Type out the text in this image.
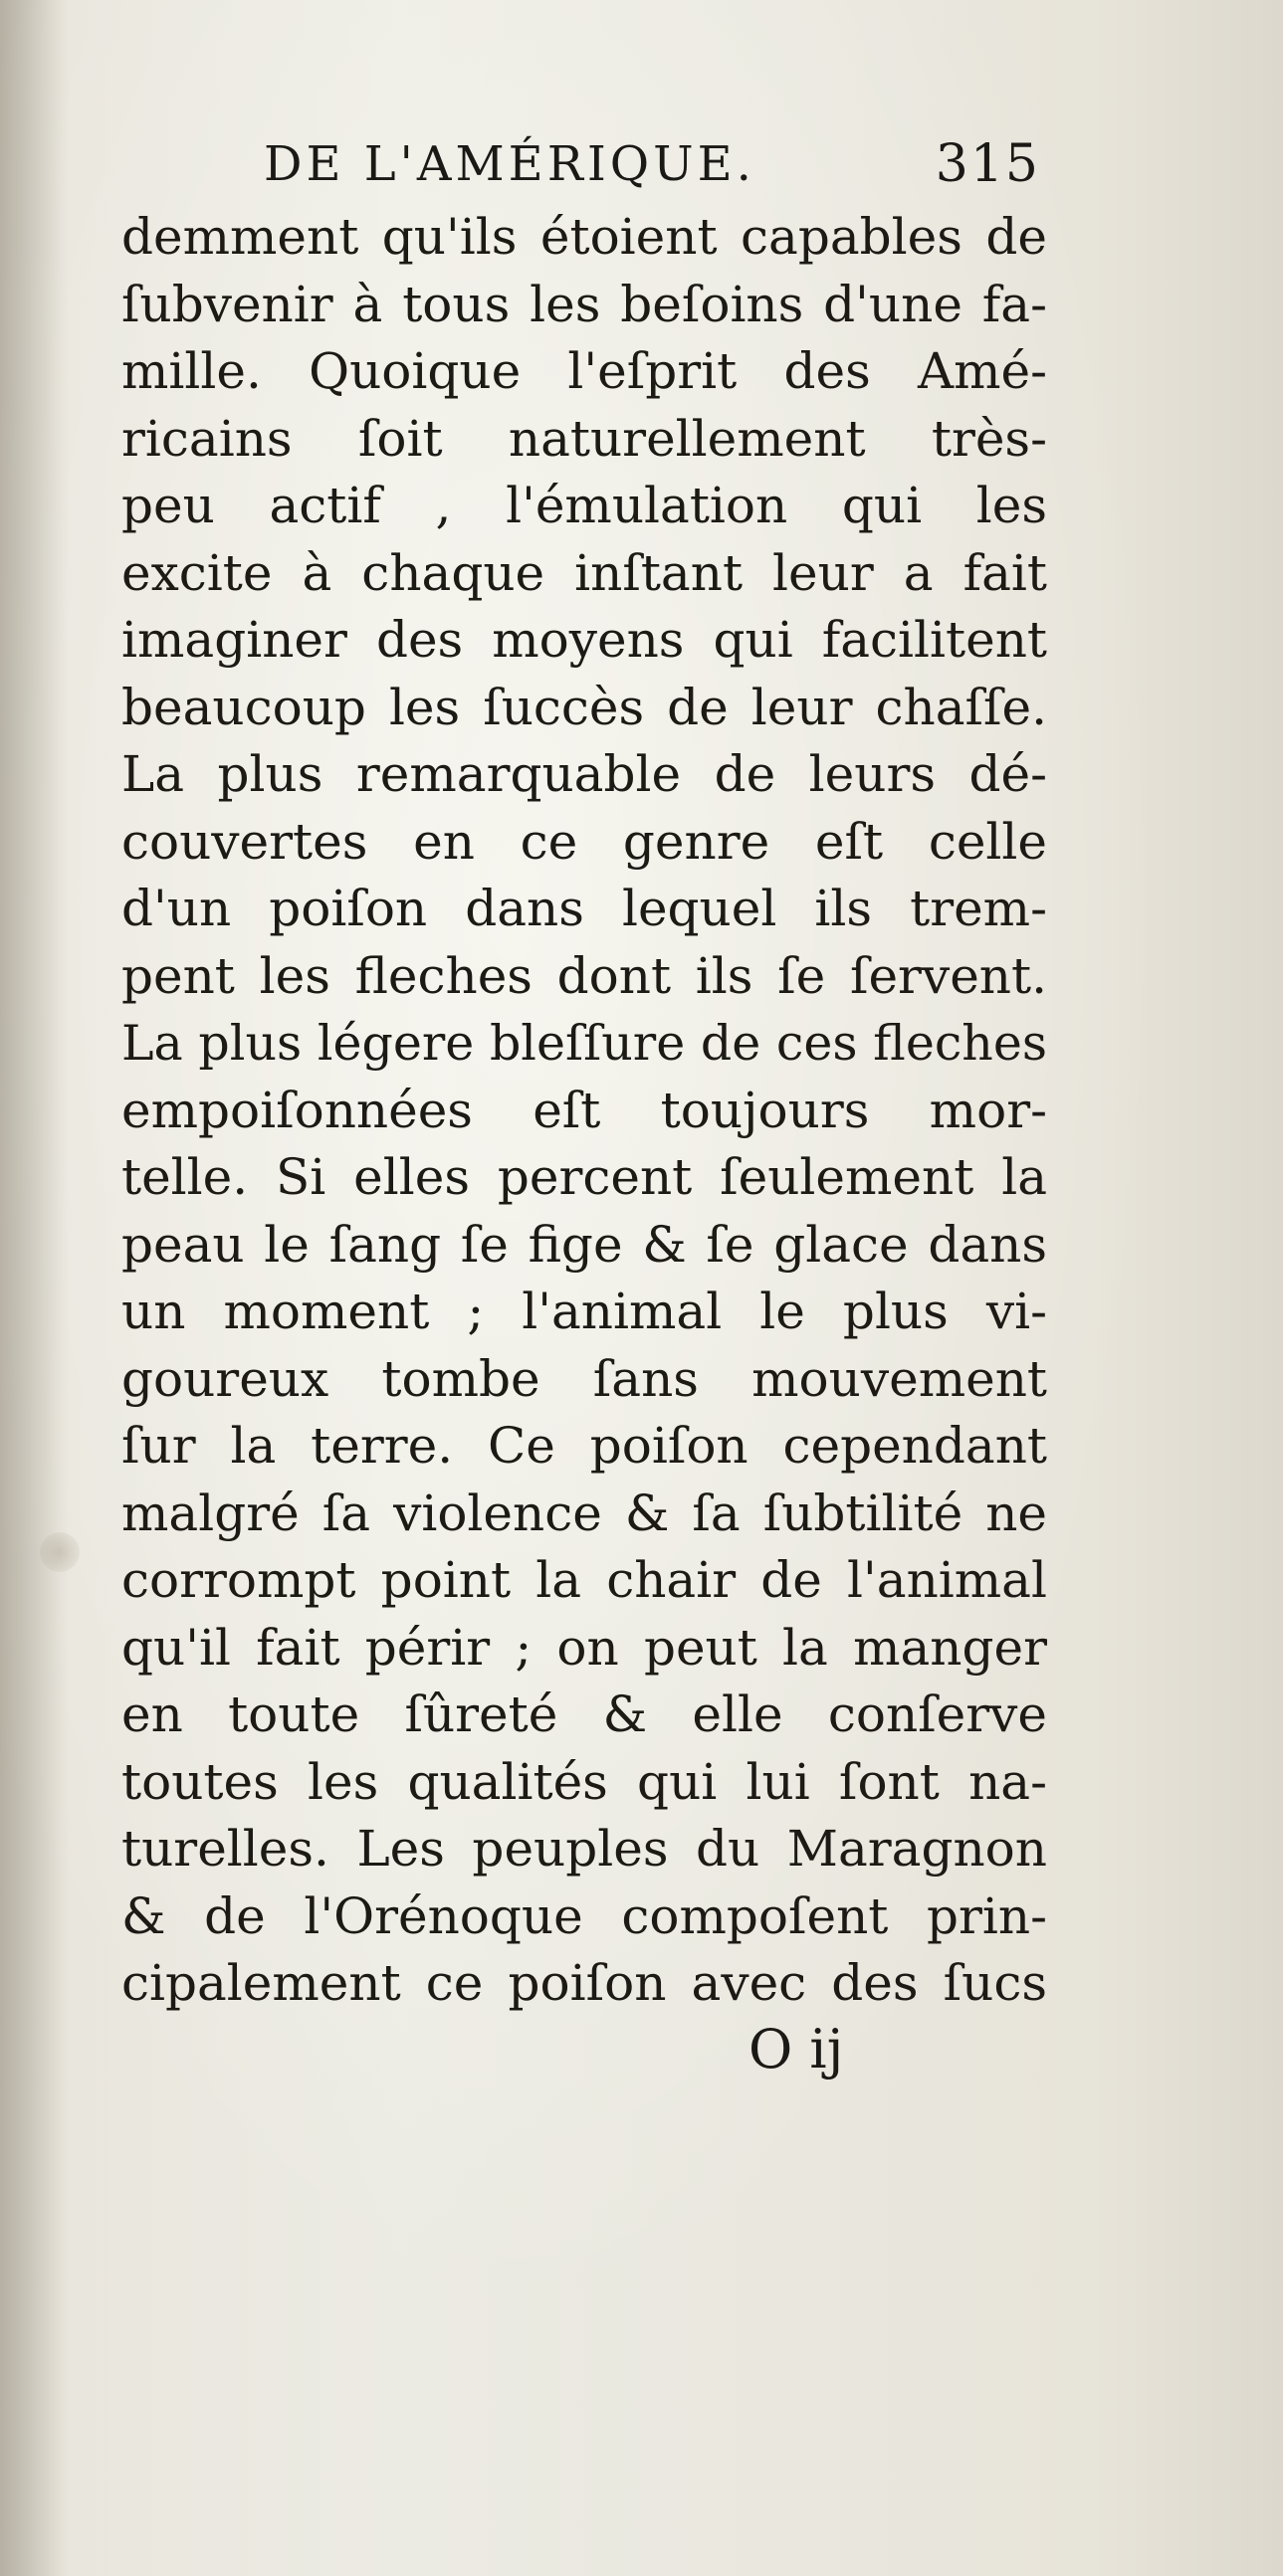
DE L'AMÉRIQUE.	315
demment qu'ils étoient capables de
ſubvenir à tous les beſoins d'une fa-
mille. Quoique l'eſprit des Amé-
ricains ſoit naturellement très-
peu actif , l'émulation qui les
excite à chaque inſtant leur a fait
imaginer des moyens qui facilitent
beaucoup les ſuccès de leur chaſſe.
La plus remarquable de leurs dé-
couvertes en ce genre eſt celle
d'un poiſon dans lequel ils trem-
pent les fleches dont ils ſe ſervent.
La plus légere bleſſure de ces fleches
empoiſonnées eſt toujours mor-
telle. Si elles percent ſeulement la
peau le ſang ſe fige & ſe glace dans
un moment ; l'animal le plus vi-
goureux tombe ſans mouvement
ſur la terre. Ce poiſon cependant
malgré ſa violence & ſa ſubtilité ne
corrompt point la chair de l'animal
qu'il fait périr ; on peut la manger
en toute ſûreté & elle conſerve
toutes les qualités qui lui ſont na-
turelles. Les peuples du Maragnon
& de l'Orénoque compoſent prin-
cipalement ce poiſon avec des ſucs
O ij
